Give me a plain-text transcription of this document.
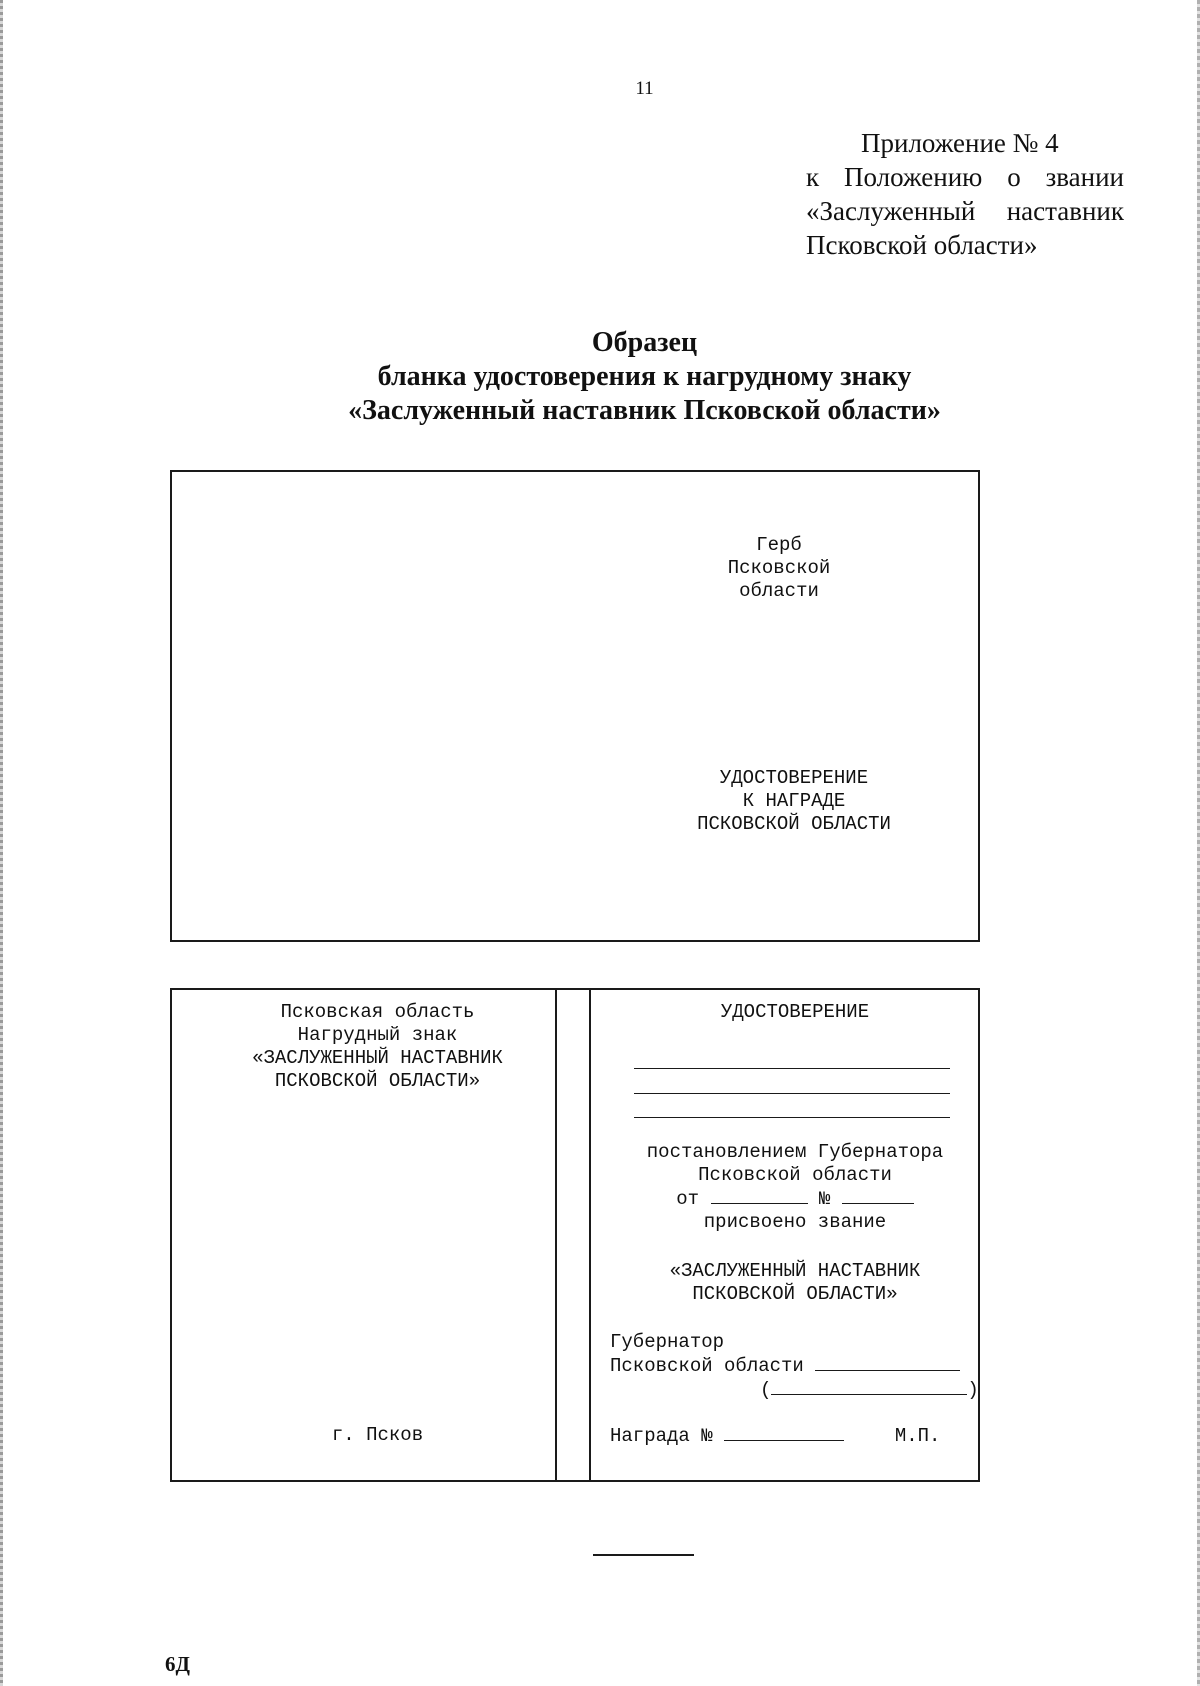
11
Приложение № 4
к Положению о звании
«Заслуженный наставник
Псковской области»
Образец
бланка удостоверения к нагрудному знаку
«Заслуженный наставник Псковской области»
Герб
Псковской
области
УДОСТОВЕРЕНИЕ
К НАГРАДЕ
ПСКОВСКОЙ ОБЛАСТИ
Псковская область
Нагрудный знак
«ЗАСЛУЖЕННЫЙ НАСТАВНИК
ПСКОВСКОЙ ОБЛАСТИ»
г. Псков
УДОСТОВЕРЕНИЕ
постановлением Губернатора
Псковской области
от	№
присвоено звание
«ЗАСЛУЖЕННЫЙ НАСТАВНИК
ПСКОВСКОЙ ОБЛАСТИ»
Губернатор
Псковской области
(	)
Награда №	М.П.
6Д
